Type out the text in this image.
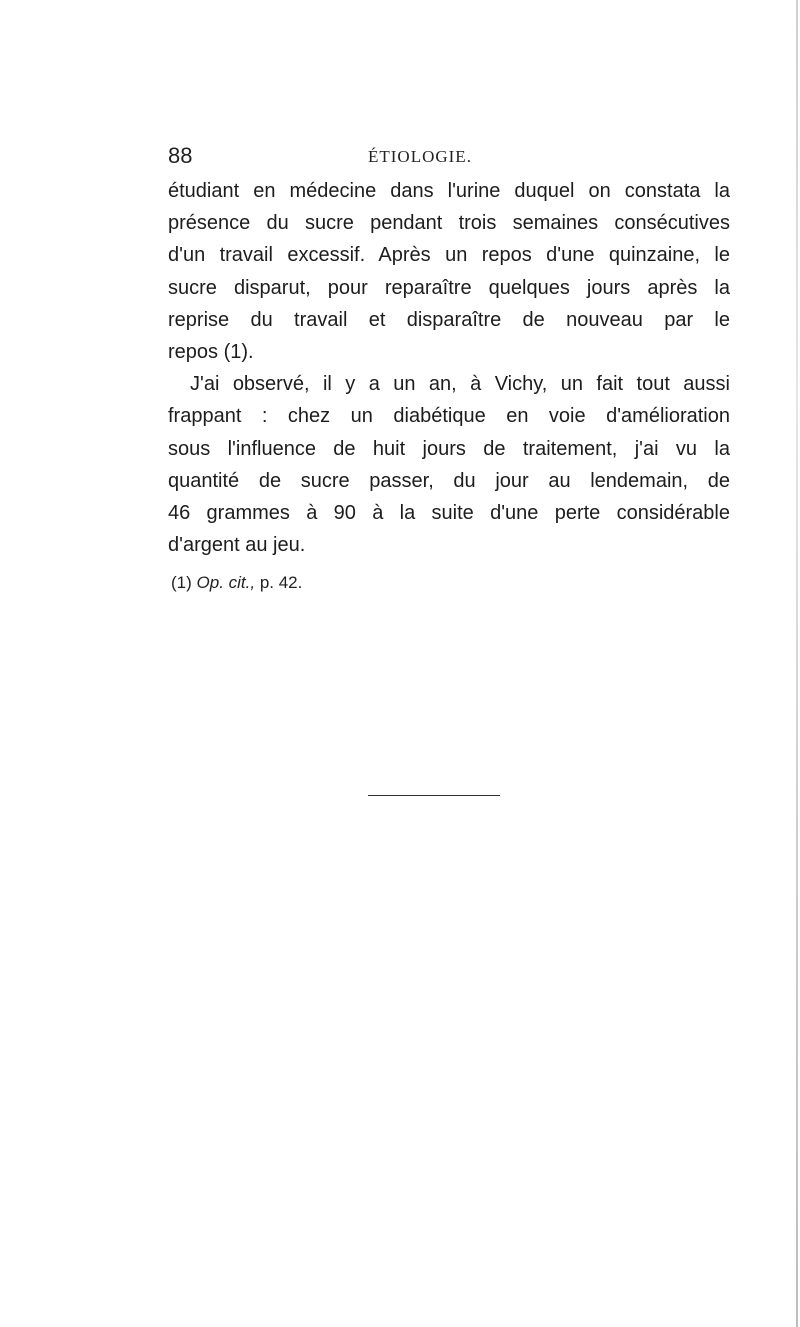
88	ÉTIOLOGIE.
étudiant en médecine dans l'urine duquel on constata la
présence du sucre pendant trois semaines consécutives
d'un travail excessif. Après un repos d'une quinzaine, le
sucre disparut, pour reparaître quelques jours après la
reprise du travail et disparaître de nouveau par le
repos (1).
J'ai observé, il y a un an, à Vichy, un fait tout aussi
frappant : chez un diabétique en voie d'amélioration
sous l'influence de huit jours de traitement, j'ai vu la
quantité de sucre passer, du jour au lendemain, de
46 grammes à 90 à la suite d'une perte considérable
d'argent au jeu.
(1) Op. cit., p. 42.
